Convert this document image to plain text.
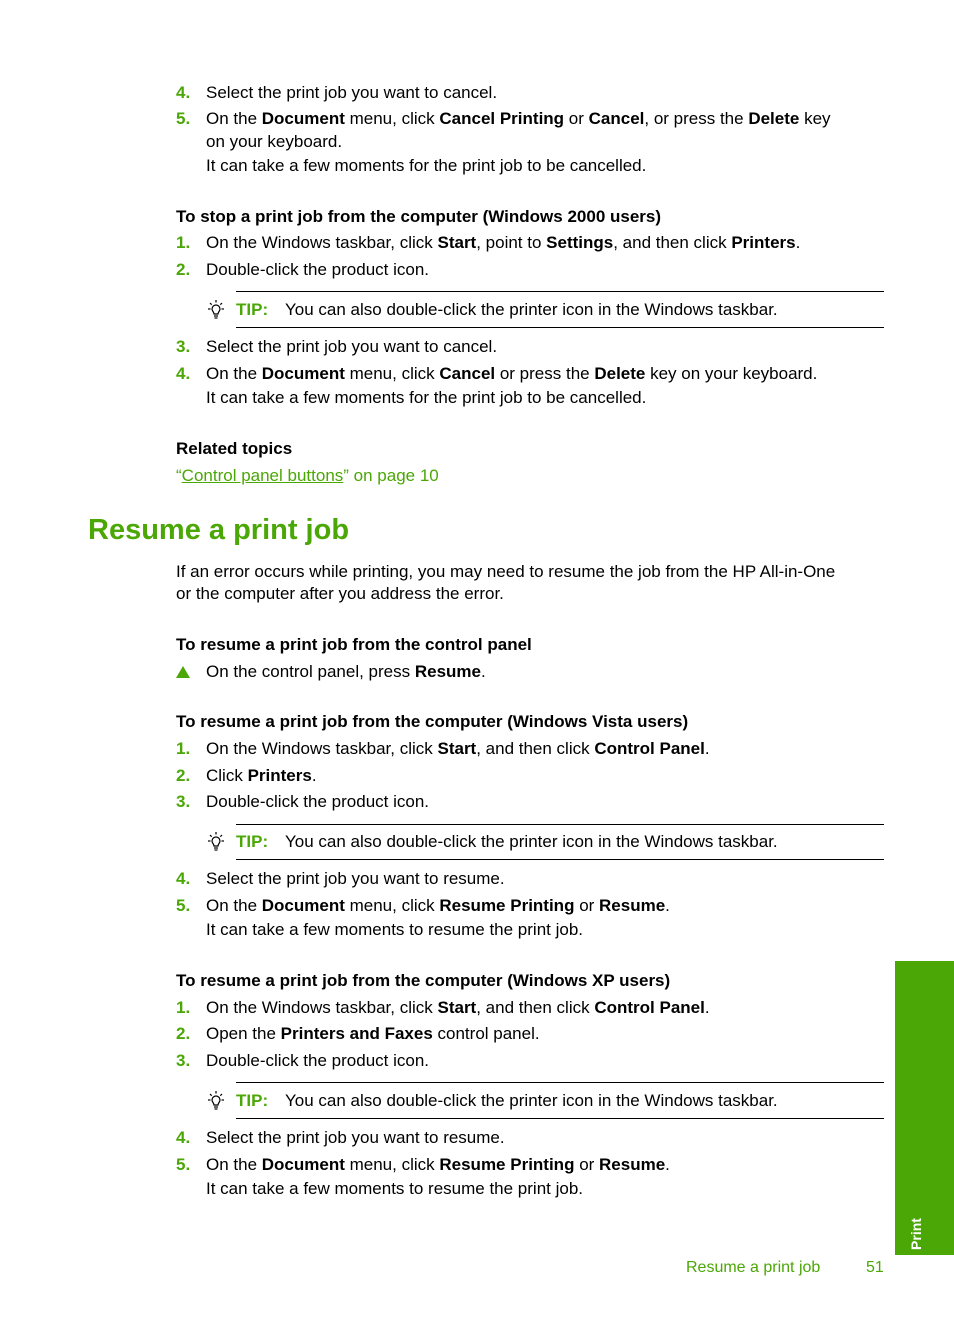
4. Select the print job you want to cancel.
5. On the Document menu, click Cancel Printing or Cancel, or press the Delete key
on your keyboard.
It can take a few moments for the print job to be cancelled.
To stop a print job from the computer (Windows 2000 users)
1. On the Windows taskbar, click Start, point to Settings, and then click Printers.
2. Double-click the product icon.
TIP: You can also double-click the printer icon in the Windows taskbar.
3. Select the print job you want to cancel.
4. On the Document menu, click Cancel or press the Delete key on your keyboard.
It can take a few moments for the print job to be cancelled.
Related topics
“Control panel buttons” on page 10
Resume a print job
If an error occurs while printing, you may need to resume the job from the HP All-in-One
or the computer after you address the error.
To resume a print job from the control panel
On the control panel, press Resume.
To resume a print job from the computer (Windows Vista users)
1. On the Windows taskbar, click Start, and then click Control Panel.
2. Click Printers.
3. Double-click the product icon.
TIP: You can also double-click the printer icon in the Windows taskbar.
4. Select the print job you want to resume.
5. On the Document menu, click Resume Printing or Resume.
It can take a few moments to resume the print job.
To resume a print job from the computer (Windows XP users)
1. On the Windows taskbar, click Start, and then click Control Panel.
2. Open the Printers and Faxes control panel.
3. Double-click the product icon.
TIP: You can also double-click the printer icon in the Windows taskbar.
4. Select the print job you want to resume.
5. On the Document menu, click Resume Printing or Resume.
It can take a few moments to resume the print job.
Print
Resume a print job	51
